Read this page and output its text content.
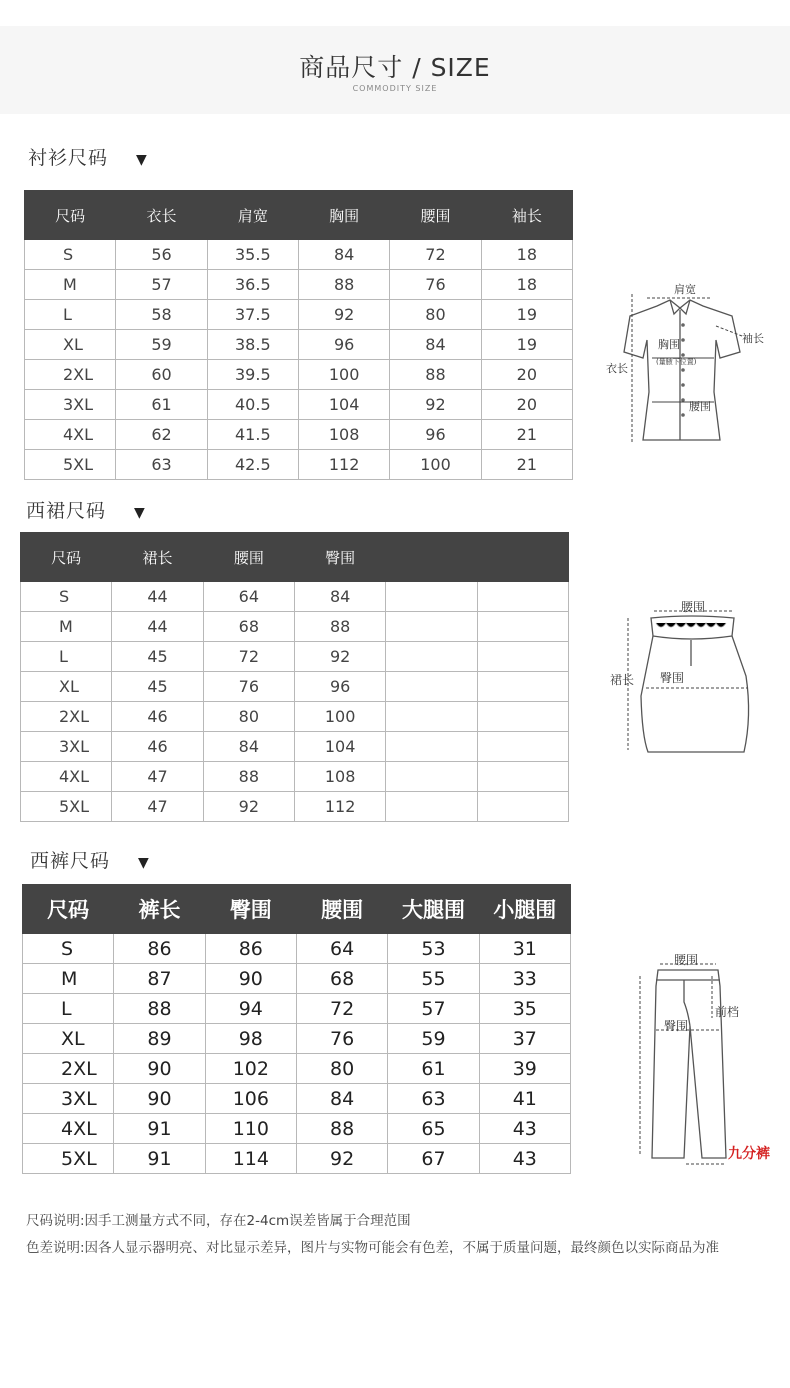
商品尺寸 / SIZE
COMMODITY SIZE
衬衫尺码 ▼
尺码	衣长	肩宽	胸围	腰围	袖长
S	56	35.5	84	72	18
M	57	36.5	88	76	18
L	58	37.5	92	80	19
XL	59	38.5	96	84	19
2XL	60	39.5	100	88	20
3XL	61	40.5	104	92	20
4XL	62	41.5	108	96	21
5XL	63	42.5	112	100	21
肩宽
袖长
胸围
(量腋下位置)
衣长
腰围
西裙尺码 ▼
尺码	裙长	腰围	臀围		
S	44	64	84		
M	44	68	88		
L	45	72	92		
XL	45	76	96		
2XL	46	80	100		
3XL	46	84	104		
4XL	47	88	108		
5XL	47	92	112		
腰围
裙长 臀围
西裤尺码 ▼
尺码	裤长	臀围	腰围	大腿围	小腿围
S	86	86	64	53	31
M	87	90	68	55	33
L	88	94	72	57	35
XL	89	98	76	59	37
2XL	90	102	80	61	39
3XL	90	106	84	63	41
4XL	91	110	88	65	43
5XL	91	114	92	67	43
腰围
前档
臀围
九分裤
尺码说明:因手工测量方式不同，存在2-4cm误差皆属于合理范围
色差说明:因各人显示器明亮、对比显示差异，图片与实物可能会有色差，不属于质量问题，最终颜色以实际商品为准
